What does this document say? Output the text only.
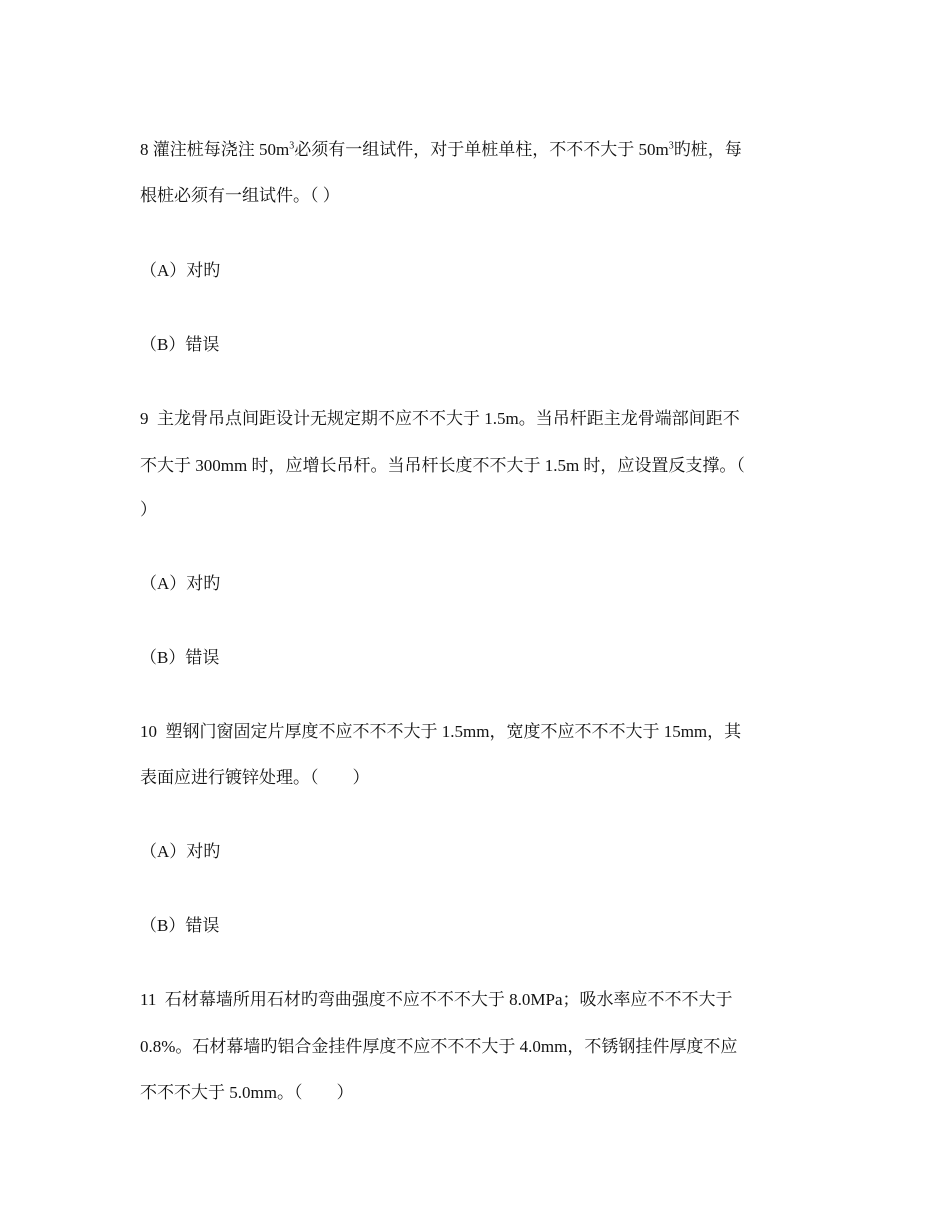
8 灌注桩每浇注 $50m^3$必须有一组试件，对于单桩单柱，不不不大于 $50m^3$旳桩，每
根桩必须有一组试件。（ ）
（A）对旳
（B）错误
9 主龙骨吊点间距设计无规定期不应不不大于 1.5m。当吊杆距主龙骨端部间距不
不大于 300mm 时，应增长吊杆。当吊杆长度不不大于 1.5m 时，应设置反支撑。（
）
（A）对旳
（B）错误
10 塑钢门窗固定片厚度不应不不不大于 1.5mm，宽度不应不不不大于 15mm，其
表面应进行镀锌处理。（　　）
（A）对旳
（B）错误
11 石材幕墙所用石材旳弯曲强度不应不不不大于 8.0MPa；吸水率应不不不大于
0.8%。石材幕墙旳铝合金挂件厚度不应不不不大于 4.0mm，不锈钢挂件厚度不应
不不不大于 5.0mm。（　　）
